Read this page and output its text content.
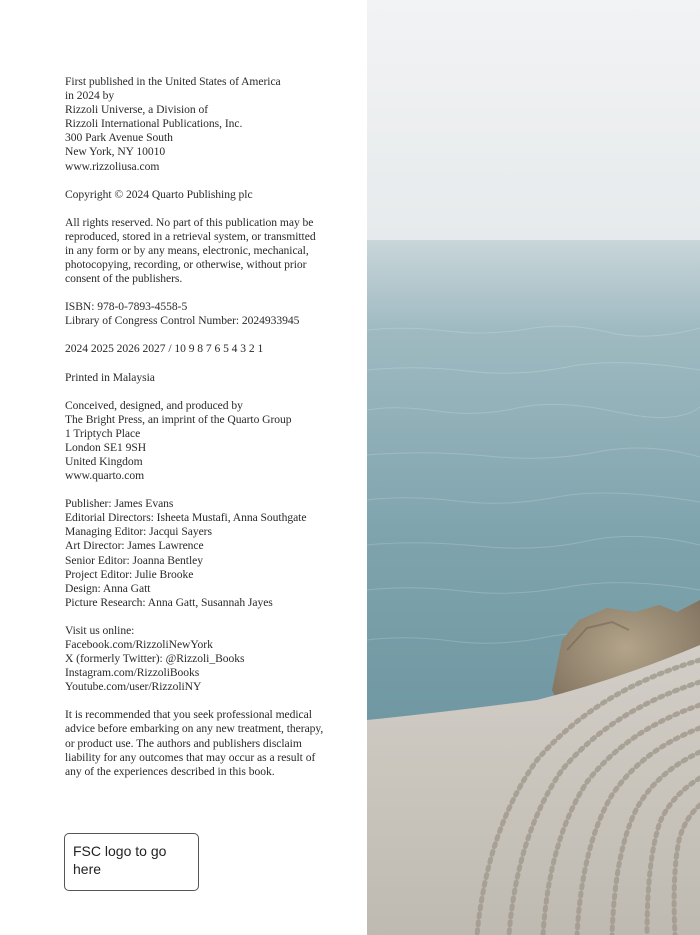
First published in the United States of America
in 2024 by
Rizzoli Universe, a Division of
Rizzoli International Publications, Inc.
300 Park Avenue South
New York, NY 10010
www.rizzoliusa.com
Copyright © 2024 Quarto Publishing plc
All rights reserved. No part of this publication may be
reproduced, stored in a retrieval system, or transmitted
in any form or by any means, electronic, mechanical,
photocopying, recording, or otherwise, without prior
consent of the publishers.
ISBN: 978-0-7893-4558-5
Library of Congress Control Number: 2024933945
2024 2025 2026 2027 / 10 9 8 7 6 5 4 3 2 1
Printed in Malaysia
Conceived, designed, and produced by
The Bright Press, an imprint of the Quarto Group
1 Triptych Place
London SE1 9SH
United Kingdom
www.quarto.com
Publisher: James Evans
Editorial Directors: Isheeta Mustafi, Anna Southgate
Managing Editor: Jacqui Sayers
Art Director: James Lawrence
Senior Editor: Joanna Bentley
Project Editor: Julie Brooke
Design: Anna Gatt
Picture Research: Anna Gatt, Susannah Jayes
Visit us online:
Facebook.com/RizzoliNewYork
X (formerly Twitter): @Rizzoli_Books
Instagram.com/RizzoliBooks
Youtube.com/user/RizzoliNY
It is recommended that you seek professional medical
advice before embarking on any new treatment, therapy,
or product use. The authors and publishers disclaim
liability for any outcomes that may occur as a result of
any of the experiences described in this book.
FSC logo to go
here
